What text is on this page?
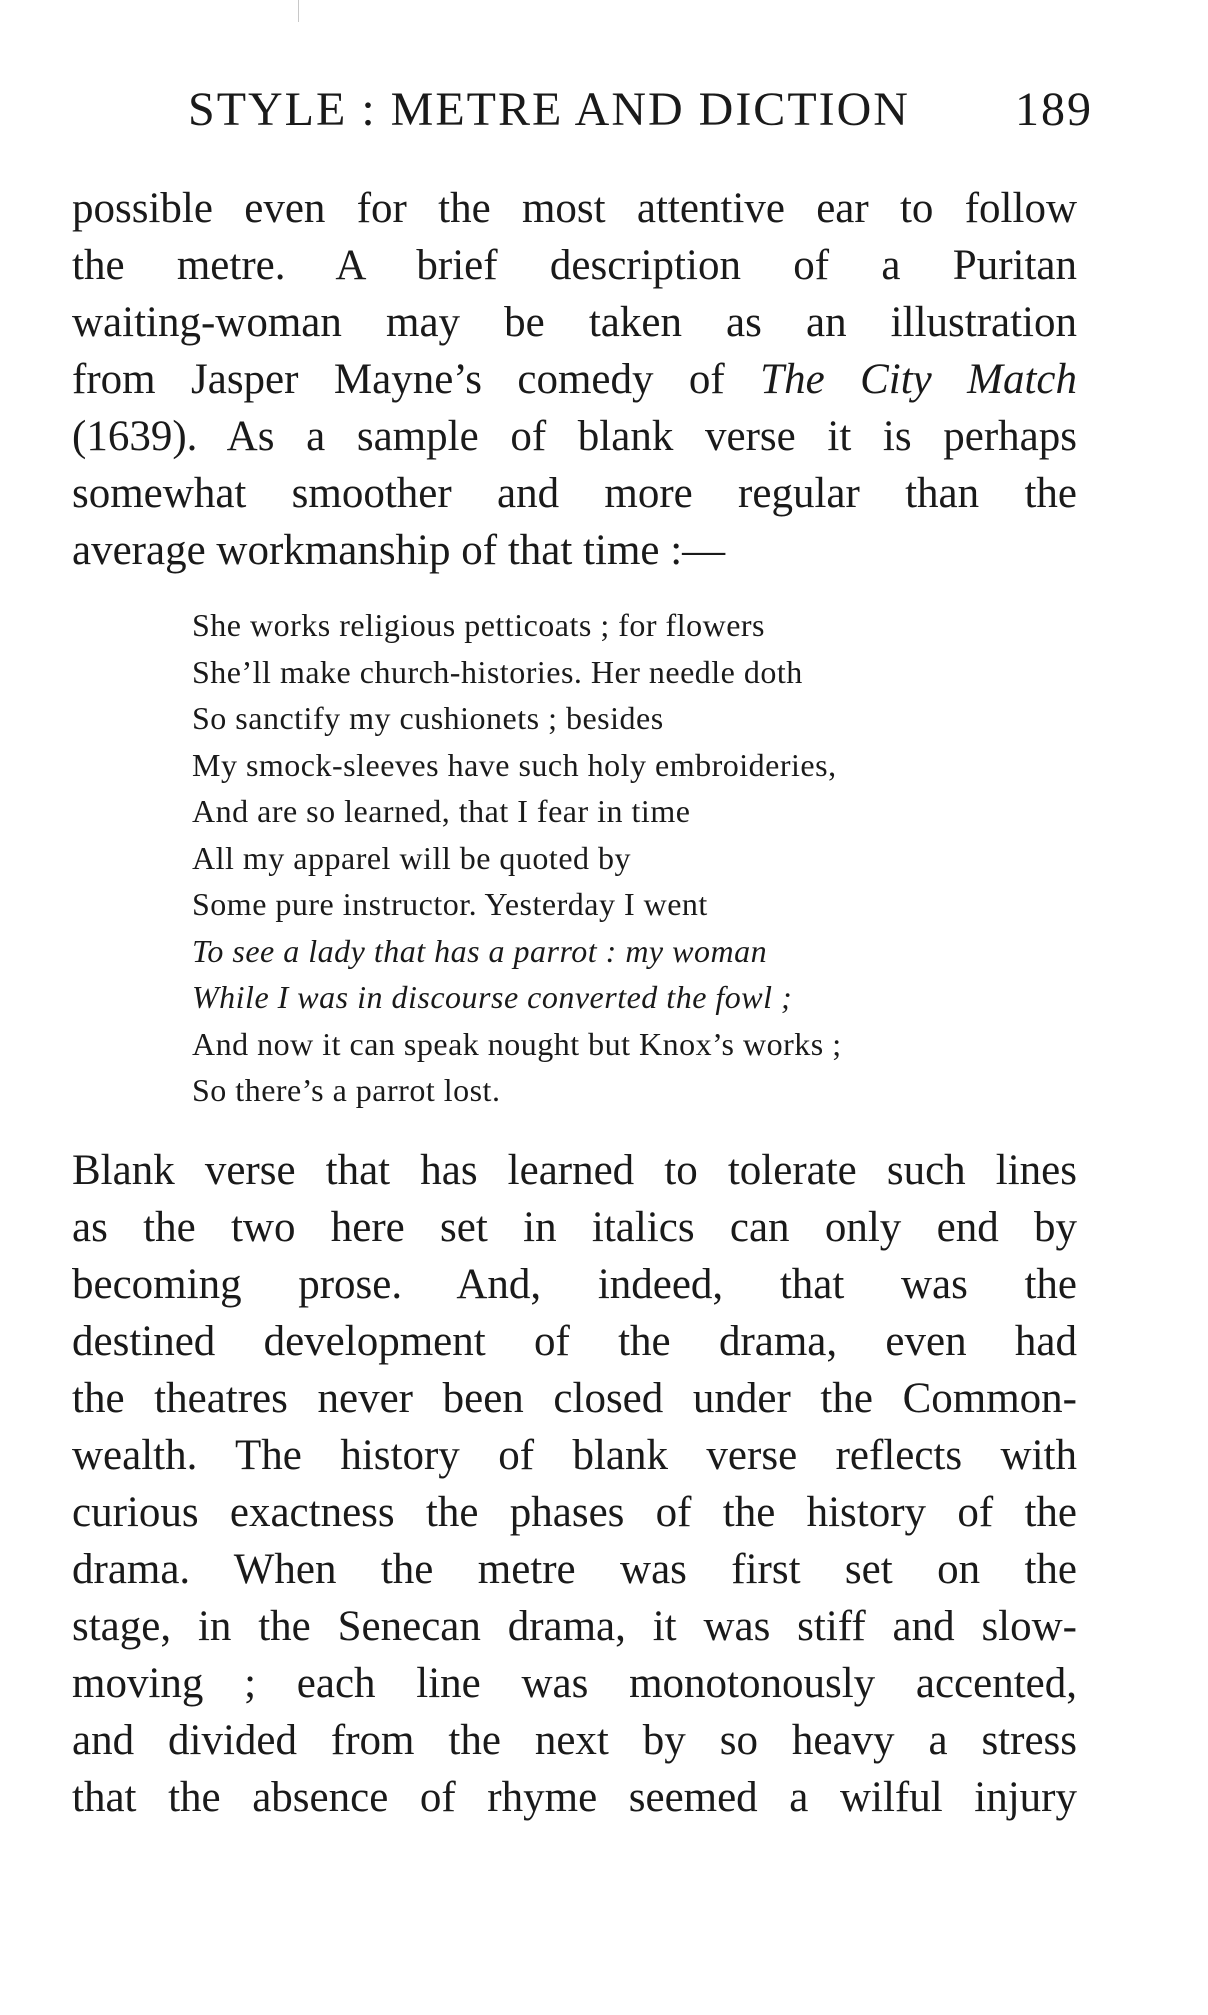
STYLE : METRE AND DICTION 189
possible even for the most attentive ear to follow
the metre. A brief description of a Puritan
waiting-woman may be taken as an illustration
from Jasper Mayne’s comedy of The City Match
(1639). As a sample of blank verse it is perhaps
somewhat smoother and more regular than the
average workmanship of that time :—
She works religious petticoats ; for flowers
She’ll make church-histories. Her needle doth
So sanctify my cushionets ; besides
My smock-sleeves have such holy embroideries,
And are so learned, that I fear in time
All my apparel will be quoted by
Some pure instructor. Yesterday I went
To see a lady that has a parrot : my woman
While I was in discourse converted the fowl ;
And now it can speak nought but Knox’s works ;
So there’s a parrot lost.
Blank verse that has learned to tolerate such lines
as the two here set in italics can only end by
becoming prose. And, indeed, that was the
destined development of the drama, even had
the theatres never been closed under the Common-
wealth. The history of blank verse reflects with
curious exactness the phases of the history of the
drama. When the metre was first set on the
stage, in the Senecan drama, it was stiff and slow-
moving ; each line was monotonously accented,
and divided from the next by so heavy a stress
that the absence of rhyme seemed a wilful injury
